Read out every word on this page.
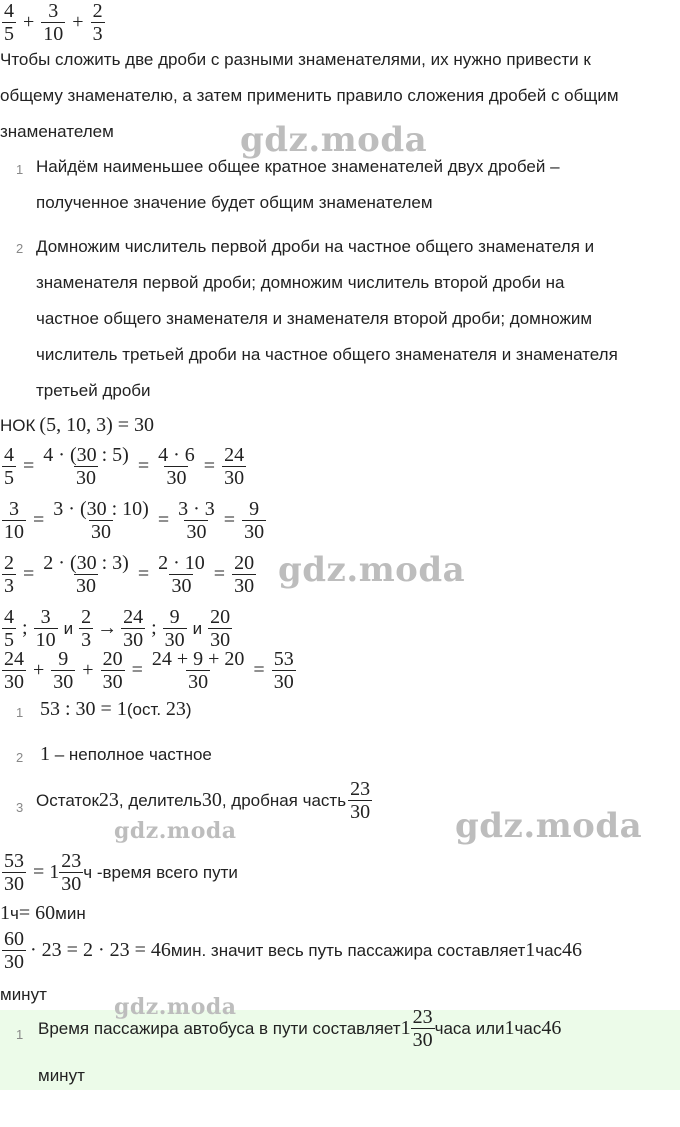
$\frac{4}{5} + \frac{3}{10} + \frac{2}{3}$
Чтобы сложить две дроби с разными знаменателями, их нужно привести к
общему знаменателю, а затем применить правило сложения дробей с общим
знаменателем
1 Найдём наименьшее общее кратное знаменателей двух дробей –
полученное значение будет общим знаменателем
2 Домножим числитель первой дроби на частное общего знаменателя и
знаменателя первой дроби; домножим числитель второй дроби на
частное общего знаменателя и знаменателя второй дроби; домножим
числитель третьей дроби на частное общего знаменателя и знаменателя
третьей дроби
НОК (5, 10, 3) = 30
$\frac{4}{5} = \frac{4 \cdot (30 : 5)}{30} = \frac{4 \cdot 6}{30} = \frac{24}{30}$
$\frac{3}{10} = \frac{3 \cdot (30 : 10)}{30} = \frac{3 \cdot 3}{30} = \frac{9}{30}$
$\frac{2}{3} = \frac{2 \cdot (30 : 3)}{30} = \frac{2 \cdot 10}{30} = \frac{20}{30}$
$\frac{4}{5}$ ; $\frac{3}{10}$ и $\frac{2}{3} \to \frac{24}{30}$ ; $\frac{9}{30}$ и $\frac{20}{30}$
$\frac{24}{30} + \frac{9}{30} + \frac{20}{30} = \frac{24 + 9 + 20}{30} = \frac{53}{30}$
1 53 : 30 = 1(ост. 23)
2 1 – неполное частное
3 Остаток 23 , делитель 30 , дробная часть $\frac{23}{30}$
$\frac{53}{30} = 1 \frac{23}{30}$ ч -время всего пути
1 ч = 60 мин
$\frac{60}{30} \cdot 23 = 2 \cdot 23 = 46$ мин. значит весь путь пассажира составляет 1 час 46
минут
1 Время пассажира автобуса в пути составляет $1 \frac{23}{30}$ часа или 1 час 46
минут
gdz.moda
gdz.moda
gdz.moda	gdz.moda
gdz.moda
